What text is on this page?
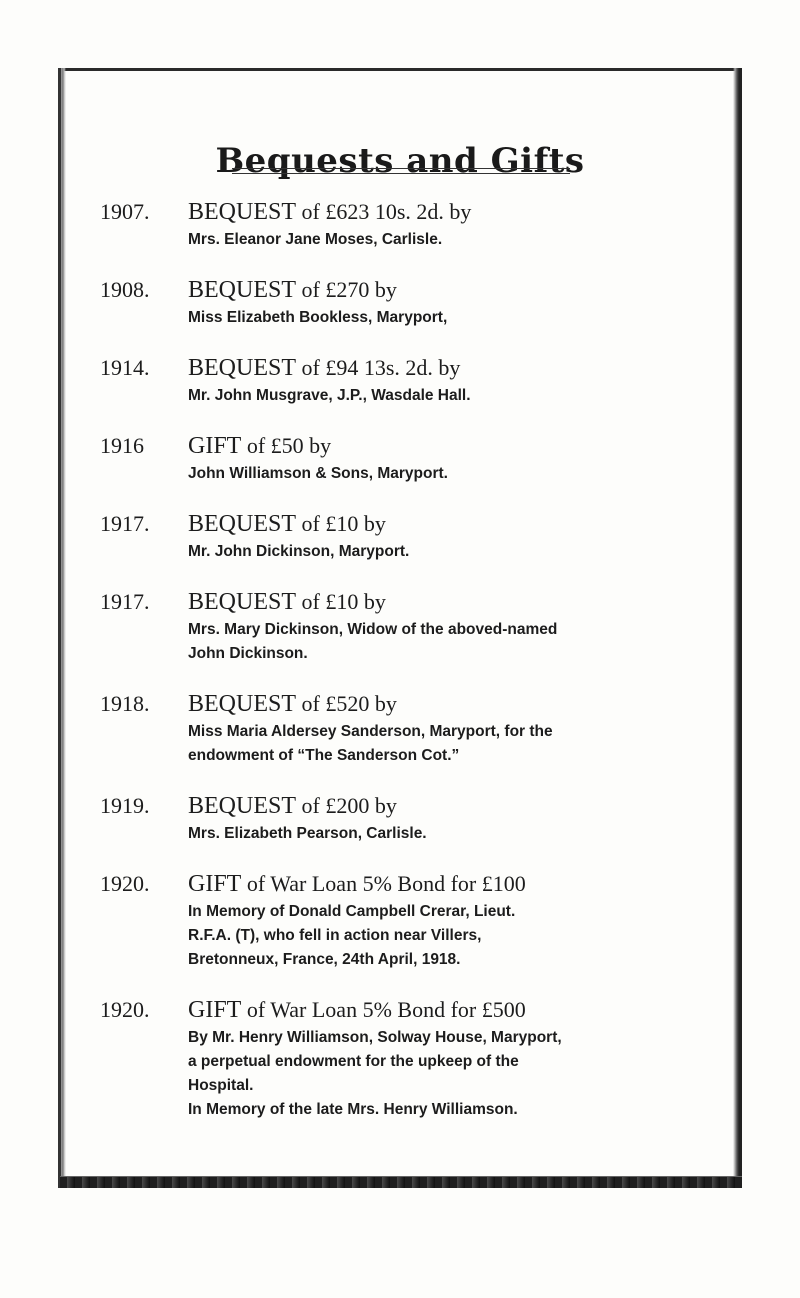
Bequests and Gifts
1907. BEQUEST of £623 10s. 2d. by
Mrs. Eleanor Jane Moses, Carlisle.
1908. BEQUEST of £270 by
Miss Elizabeth Bookless, Maryport,
1914. BEQUEST of £94 13s. 2d. by
Mr. John Musgrave, J.P., Wasdale Hall.
1916 GIFT of £50 by
John Williamson & Sons, Maryport.
1917. BEQUEST of £10 by
Mr. John Dickinson, Maryport.
1917. BEQUEST of £10 by
Mrs. Mary Dickinson, Widow of the aboved-named
John Dickinson.
1918. BEQUEST of £520 by
Miss Maria Aldersey Sanderson, Maryport, for the
endowment of “The Sanderson Cot.”
1919. BEQUEST of £200 by
Mrs. Elizabeth Pearson, Carlisle.
1920. GIFT of War Loan 5% Bond for £100
In Memory of Donald Campbell Crerar, Lieut.
R.F.A. (T), who fell in action near Villers,
Bretonneux, France, 24th April, 1918.
1920. GIFT of War Loan 5% Bond for £500
By Mr. Henry Williamson, Solway House, Maryport,
a perpetual endowment for the upkeep of the
Hospital.
In Memory of the late Mrs. Henry Williamson.
